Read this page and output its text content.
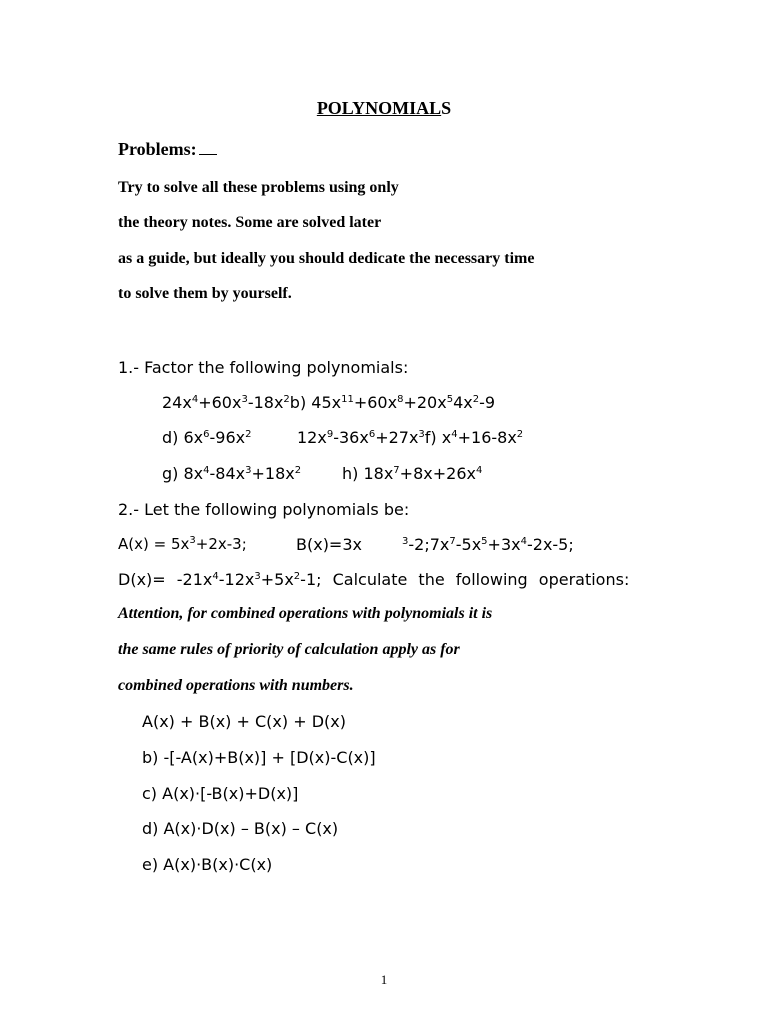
POLYNOMIALS
Problems:
Try to solve all these problems using only
the theory notes. Some are solved later
as a guide, but ideally you should dedicate the necessary time
to solve them by yourself.
1.- Factor the following polynomials:
$24x^4+60x^3-18x^2b$) $45x^{11}+60x^8+20x^54x^2-9$
d) $6x^6-96x^2$	$12x^9-36x^6+27x^3f$) $x^4+16-8x^2$
g) $8x^4-84x^3+18x^2$	h) $18x^7+8x+26x^4$
2.- Let the following polynomials be:
$A(x) = 5x^3+2x-3$;	B(x)=3x	$^3-2;7x^7-5x^5+3x^4-2x-5$;
$D(x)= -21x^4-12x^3+5x^2-1$; Calculate the following operations:
Attention, for combined operations with polynomials it is
the same rules of priority of calculation apply as for
combined operations with numbers.
A(x) + B(x) + C(x) + D(x)
b) -[-A(x)+B(x)] + [D(x)-C(x)]
c) A(x)·[-B(x)+D(x)]
d) A(x)·D(x) – B(x) – C(x)
e) A(x)·B(x)·C(x)
1
